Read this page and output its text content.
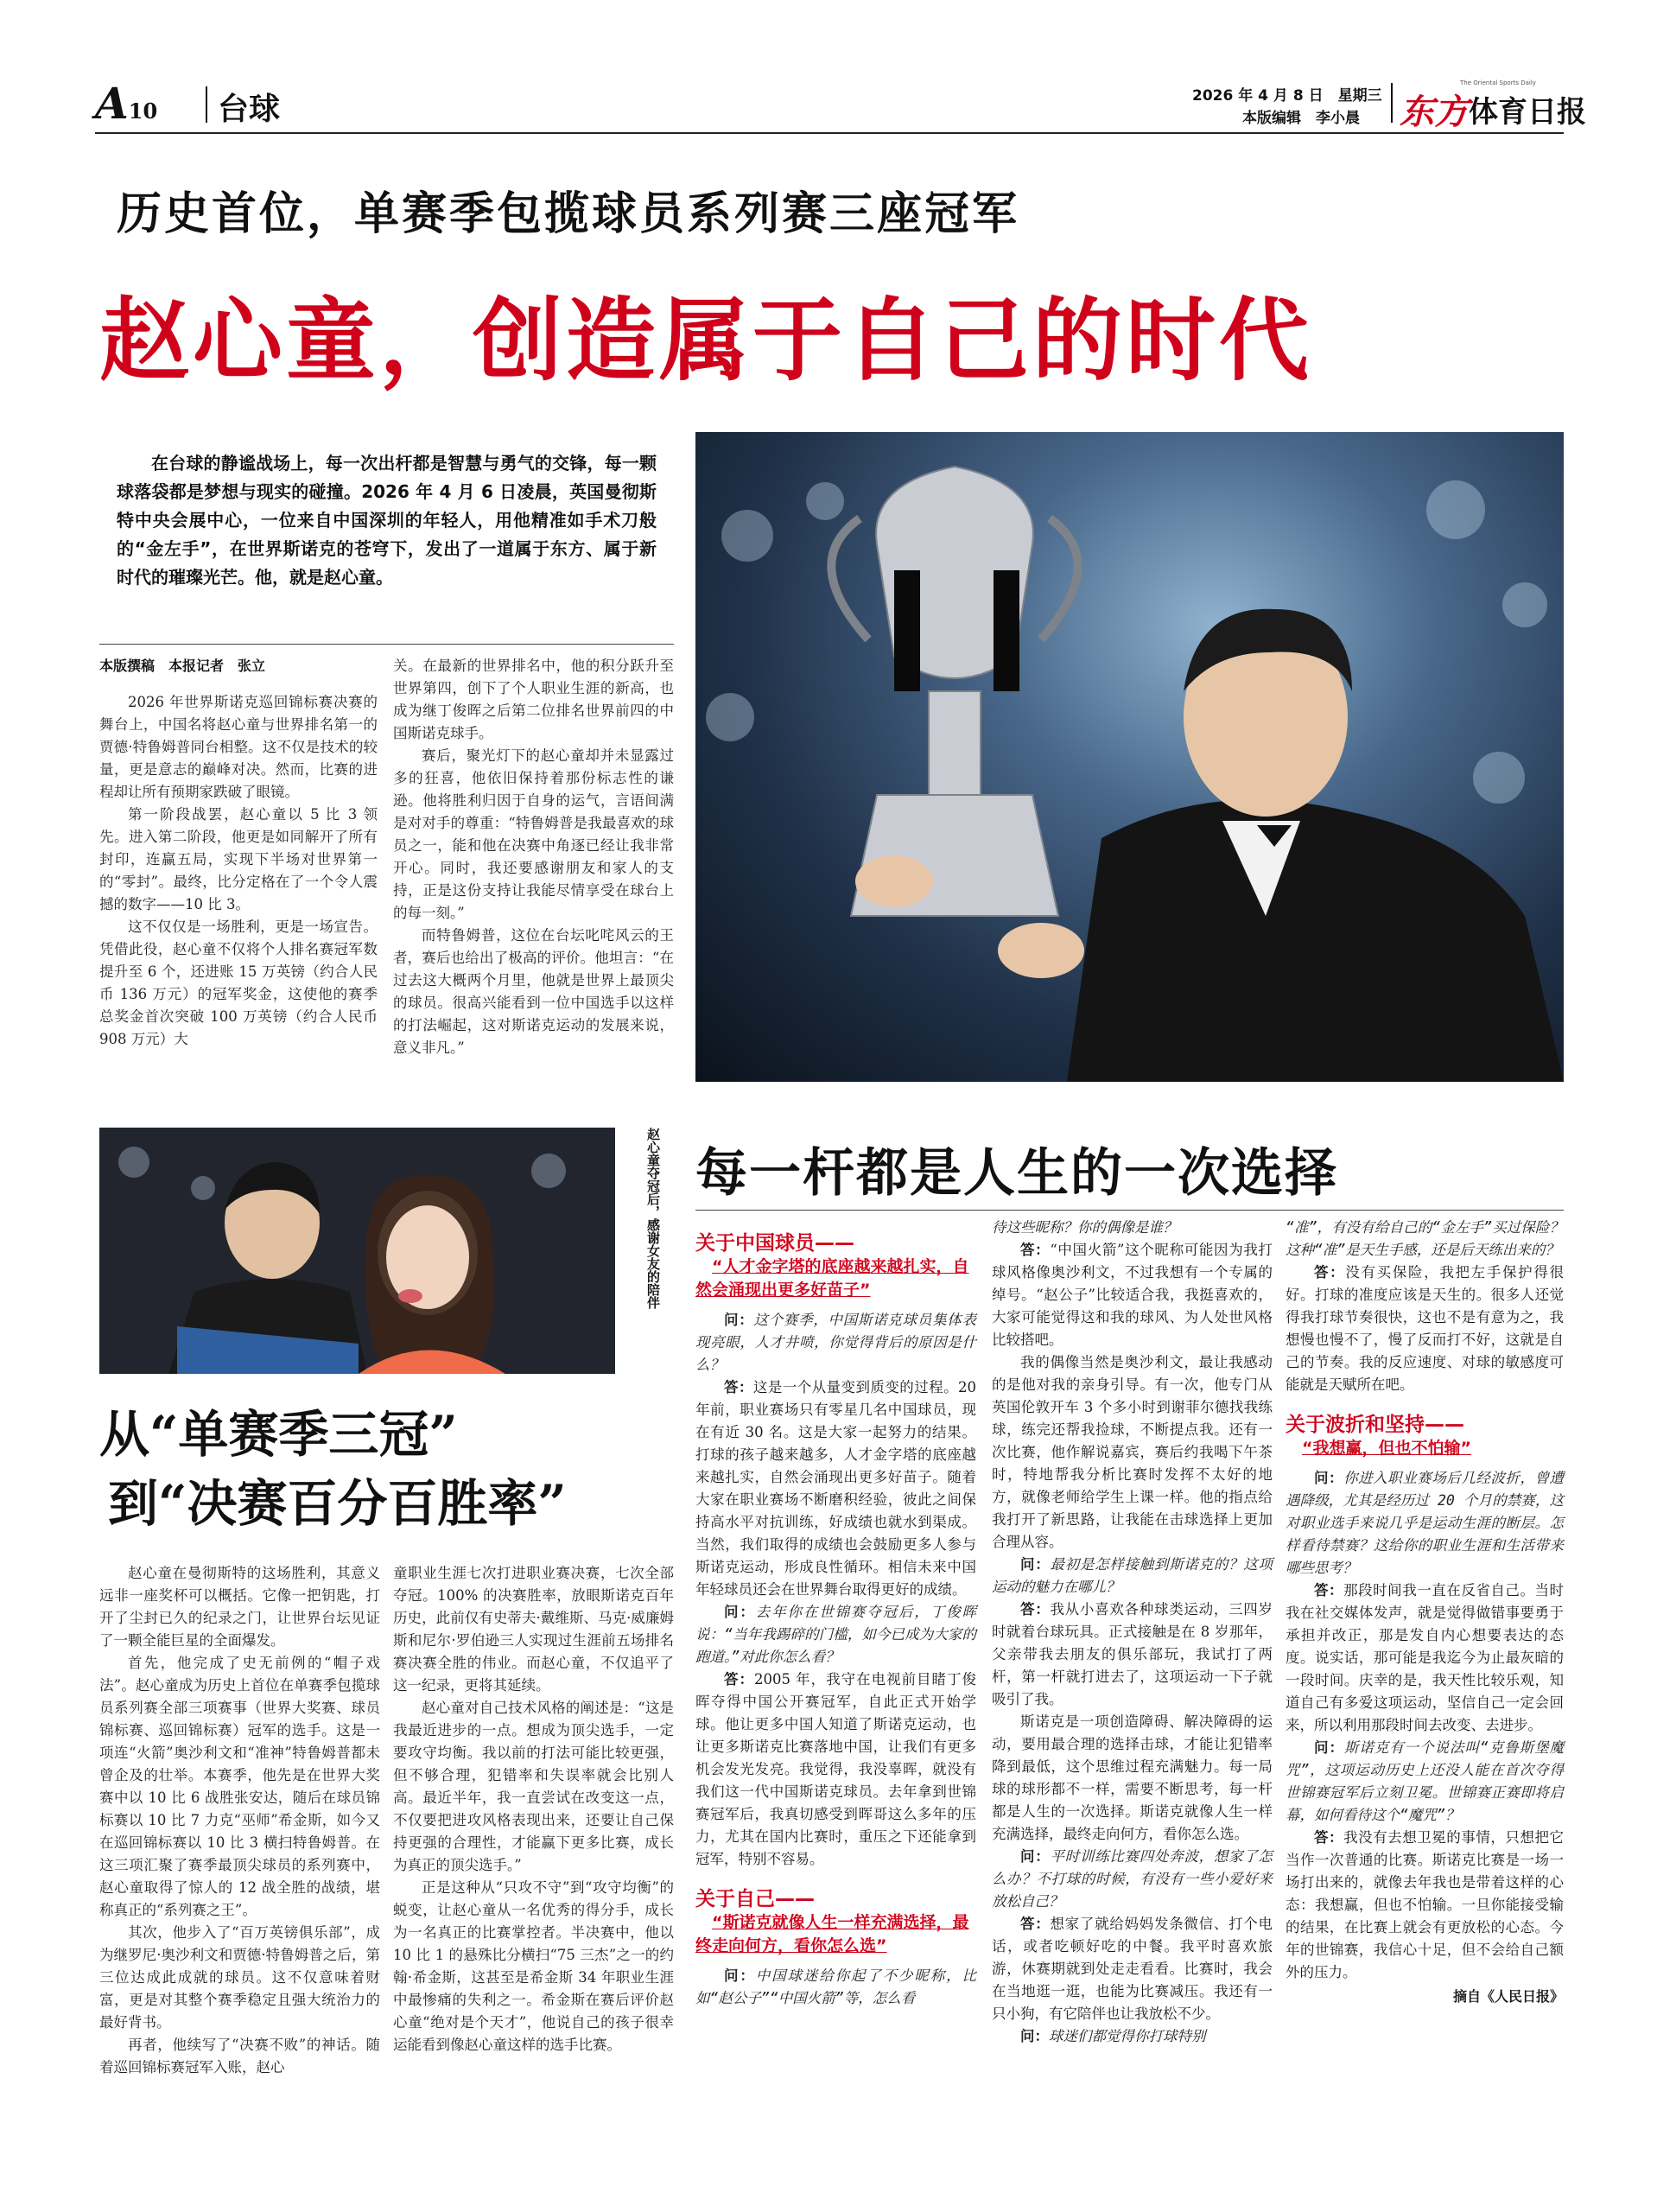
A10 台球	2026 年 4 月 8 日　星期三
本版编辑　李小晨
The Oriental Sports Daily
东方 体育日报
历史首位，单赛季包揽球员系列赛三座冠军
赵心童，创造属于自己的时代
在台球的静谧战场上，每一次出杆都是智慧与勇气的交锋，每一颗球落袋都是梦想与现实的碰撞。2026 年 4 月 6 日凌晨，英国曼彻斯特中央会展中心，一位来自中国深圳的年轻人，用他精准如手术刀般的“金左手”，在世界斯诺克的苍穹下，发出了一道属于东方、属于新时代的璀璨光芒。他，就是赵心童。
本版撰稿　本报记者　张立

2026 年世界斯诺克巡回锦标赛决赛的舞台上，中国名将赵心童与世界排名第一的贾德·特鲁姆普同台相整。这不仅是技术的较量，更是意志的巅峰对决。然而，比赛的进程却让所有预期家跌破了眼镜。

第一阶段战罢，赵心童以 5 比 3 领先。进入第二阶段，他更是如同解开了所有封印，连赢五局，实现下半场对世界第一的“零封”。最终，比分定格在了一个令人震撼的数字——10 比 3。

这不仅仅是一场胜利，更是一场宣告。凭借此役，赵心童不仅将个人排名赛冠军数提升至 6 个，还进账 15 万英镑（约合人民币 136 万元）的冠军奖金，这使他的赛季总奖金首次突破 100 万英镑（约合人民币 908 万元）大

关。在最新的世界排名中，他的积分跃升至世界第四，创下了个人职业生涯的新高，也成为继丁俊晖之后第二位排名世界前四的中国斯诺克球手。

赛后，聚光灯下的赵心童却并未显露过多的狂喜，他依旧保持着那份标志性的谦逊。他将胜利归因于自身的运气，言语间满是对对手的尊重：“特鲁姆普是我最喜欢的球员之一，能和他在决赛中角逐已经让我非常开心。同时，我还要感谢朋友和家人的支持，正是这份支持让我能尽情享受在球台上的每一刻。”

而特鲁姆普，这位在台坛叱咤风云的王者，赛后也给出了极高的评价。他坦言：“在过去这大概两个月里，他就是世界上最顶尖的球员。很高兴能看到一位中国选手以这样的打法崛起，这对斯诺克运动的发展来说，意义非凡。”

赵心童夺冠后，感谢女友的陪伴
从“单赛季三冠”
到“决赛百分百胜率”

赵心童在曼彻斯特的这场胜利，其意义远非一座奖杯可以概括。它像一把钥匙，打开了尘封已久的纪录之门，让世界台坛见证了一颗全能巨星的全面爆发。

首先，他完成了史无前例的“帽子戏法”。赵心童成为历史上首位在单赛季包揽球员系列赛全部三项赛事（世界大奖赛、球员锦标赛、巡回锦标赛）冠军的选手。这是一项连“火箭”奥沙利文和“准神”特鲁姆普都未曾企及的壮举。本赛季，他先是在世界大奖赛中以 10 比 6 战胜张安达，随后在球员锦标赛以 10 比 7 力克“巫师”希金斯，如今又在巡回锦标赛以 10 比 3 横扫特鲁姆普。在这三项汇聚了赛季最顶尖球员的系列赛中，赵心童取得了惊人的 12 战全胜的战绩，堪称真正的“系列赛之王”。

其次，他步入了“百万英镑俱乐部”，成为继罗尼·奥沙利文和贾德·特鲁姆普之后，第三位达成此成就的球员。这不仅意味着财富，更是对其整个赛季稳定且强大统治力的最好背书。

再者，他续写了“决赛不败”的神话。随着巡回锦标赛冠军入账，赵心

童职业生涯七次打进职业赛决赛，七次全部夺冠。100% 的决赛胜率，放眼斯诺克百年历史，此前仅有史蒂夫·戴维斯、马克·威廉姆斯和尼尔·罗伯逊三人实现过生涯前五场排名赛决赛全胜的伟业。而赵心童，不仅追平了这一纪录，更将其延续。

赵心童对自己技术风格的阐述是：“这是我最近进步的一点。想成为顶尖选手，一定要攻守均衡。我以前的打法可能比较更强，但不够合理，犯错率和失误率就会比别人高。最近半年，我一直尝试在改变这一点，不仅要把进攻风格表现出来，还要让自己保持更强的合理性，才能赢下更多比赛，成长为真正的顶尖选手。”

正是这种从“只攻不守”到“攻守均衡”的蜕变，让赵心童从一名优秀的得分手，成长为一名真正的比赛掌控者。半决赛中，他以 10 比 1 的悬殊比分横扫“75 三杰”之一的约翰·希金斯，这甚至是希金斯 34 年职业生涯中最惨痛的失利之一。希金斯在赛后评价赵心童“绝对是个天才”，他说自己的孩子很幸运能看到像赵心童这样的选手比赛。

每一杆都是人生的一次选择
关于中国球员——
“人才金字塔的底座越来越扎实，自然会涌现出更多好苗子”

问：这个赛季，中国斯诺克球员集体表现亮眼，人才井喷，你觉得背后的原因是什么？

答：这是一个从量变到质变的过程。20 年前，职业赛场只有零星几名中国球员，现在有近 30 名。这是大家一起努力的结果。打球的孩子越来越多，人才金字塔的底座越来越扎实，自然会涌现出更多好苗子。随着大家在职业赛场不断磨积经验，彼此之间保持高水平对抗训练，好成绩也就水到渠成。当然，我们取得的成绩也会鼓励更多人参与斯诺克运动，形成良性循环。相信未来中国年轻球员还会在世界舞台取得更好的成绩。

问：去年你在世锦赛夺冠后，丁俊晖说：“当年我踢碎的门槛，如今已成为大家的跑道。”对此你怎么看？

答：2005 年，我守在电视前目睹丁俊晖夺得中国公开赛冠军，自此正式开始学球。他让更多中国人知道了斯诺克运动，也让更多斯诺克比赛落地中国，让我们有更多机会发光发亮。我觉得，我没辜晖，就没有我们这一代中国斯诺克球员。去年拿到世锦赛冠军后，我真切感受到晖哥这么多年的压力，尤其在国内比赛时，重压之下还能拿到冠军，特别不容易。

关于自己——
“斯诺克就像人生一样充满选择，最终走向何方，看你怎么选”

问：中国球迷给你起了不少昵称，比如“赵公子”“中国火箭”等，怎么看

待这些昵称？你的偶像是谁？

答：“中国火箭”这个昵称可能因为我打球风格像奥沙利文，不过我想有一个专属的绰号。“赵公子”比较适合我，我挺喜欢的，大家可能觉得这和我的球风、为人处世风格比较搭吧。

我的偶像当然是奥沙利文，最让我感动的是他对我的亲身引导。有一次，他专门从英国伦敦开车 3 个多小时到谢菲尔德找我练球，练完还帮我捡球，不断提点我。还有一次比赛，他作解说嘉宾，赛后约我喝下午茶时，特地帮我分析比赛时发挥不太好的地方，就像老师给学生上课一样。他的指点给我打开了新思路，让我能在击球选择上更加合理从容。

问：最初是怎样接触到斯诺克的？这项运动的魅力在哪儿？

答：我从小喜欢各种球类运动，三四岁时就着台球玩具。正式接触是在 8 岁那年，父亲带我去朋友的俱乐部玩，我试打了两杆，第一杆就打进去了，这项运动一下子就吸引了我。

斯诺克是一项创造障碍、解决障碍的运动，要用最合理的选择击球，才能让犯错率降到最低，这个思维过程充满魅力。每一局球的球形都不一样，需要不断思考，每一杆都是人生的一次选择。斯诺克就像人生一样充满选择，最终走向何方，看你怎么选。

问：平时训练比赛四处奔波，想家了怎么办？不打球的时候，有没有一些小爱好来放松自己？

答：想家了就给妈妈发条微信、打个电话，或者吃顿好吃的中餐。我平时喜欢旅游，休赛期就到处走走看看。比赛时，我会在当地逛一逛，也能为比赛减压。我还有一只小狗，有它陪伴也让我放松不少。

问：球迷们都觉得你打球特别

“准”，有没有给自己的“金左手”买过保险？这种“准”是天生手感，还是后天练出来的？

答：没有买保险，我把左手保护得很好。打球的准度应该是天生的。很多人还觉得我打球节奏很快，这也不是有意为之，我想慢也慢不了，慢了反而打不好，这就是自己的节奏。我的反应速度、对球的敏感度可能就是天赋所在吧。

关于波折和坚持——
“我想赢，但也不怕输”

问：你进入职业赛场后几经波折，曾遭遇降级，尤其是经历过 20 个月的禁赛，这对职业选手来说几乎是运动生涯的断层。怎样看待禁赛？这给你的职业生涯和生活带来哪些思考？

答：那段时间我一直在反省自己。当时我在社交媒体发声，就是觉得做错事要勇于承担并改正，那是发自内心想要表达的态度。说实话，那可能是我迄今为止最灰暗的一段时间。庆幸的是，我天性比较乐观，知道自己有多爱这项运动，坚信自己一定会回来，所以利用那段时间去改变、去进步。

问：斯诺克有一个说法叫“克鲁斯堡魔咒”，这项运动历史上还没人能在首次夺得世锦赛冠军后立刻卫冕。世锦赛正赛即将启幕，如何看待这个“魔咒”？

答：我没有去想卫冕的事情，只想把它当作一次普通的比赛。斯诺克比赛是一场一场打出来的，就像去年我也是带着这样的心态：我想赢，但也不怕输。一旦你能接受输的结果，在比赛上就会有更放松的心态。今年的世锦赛，我信心十足，但不会给自己额外的压力。

摘自《人民日报》
